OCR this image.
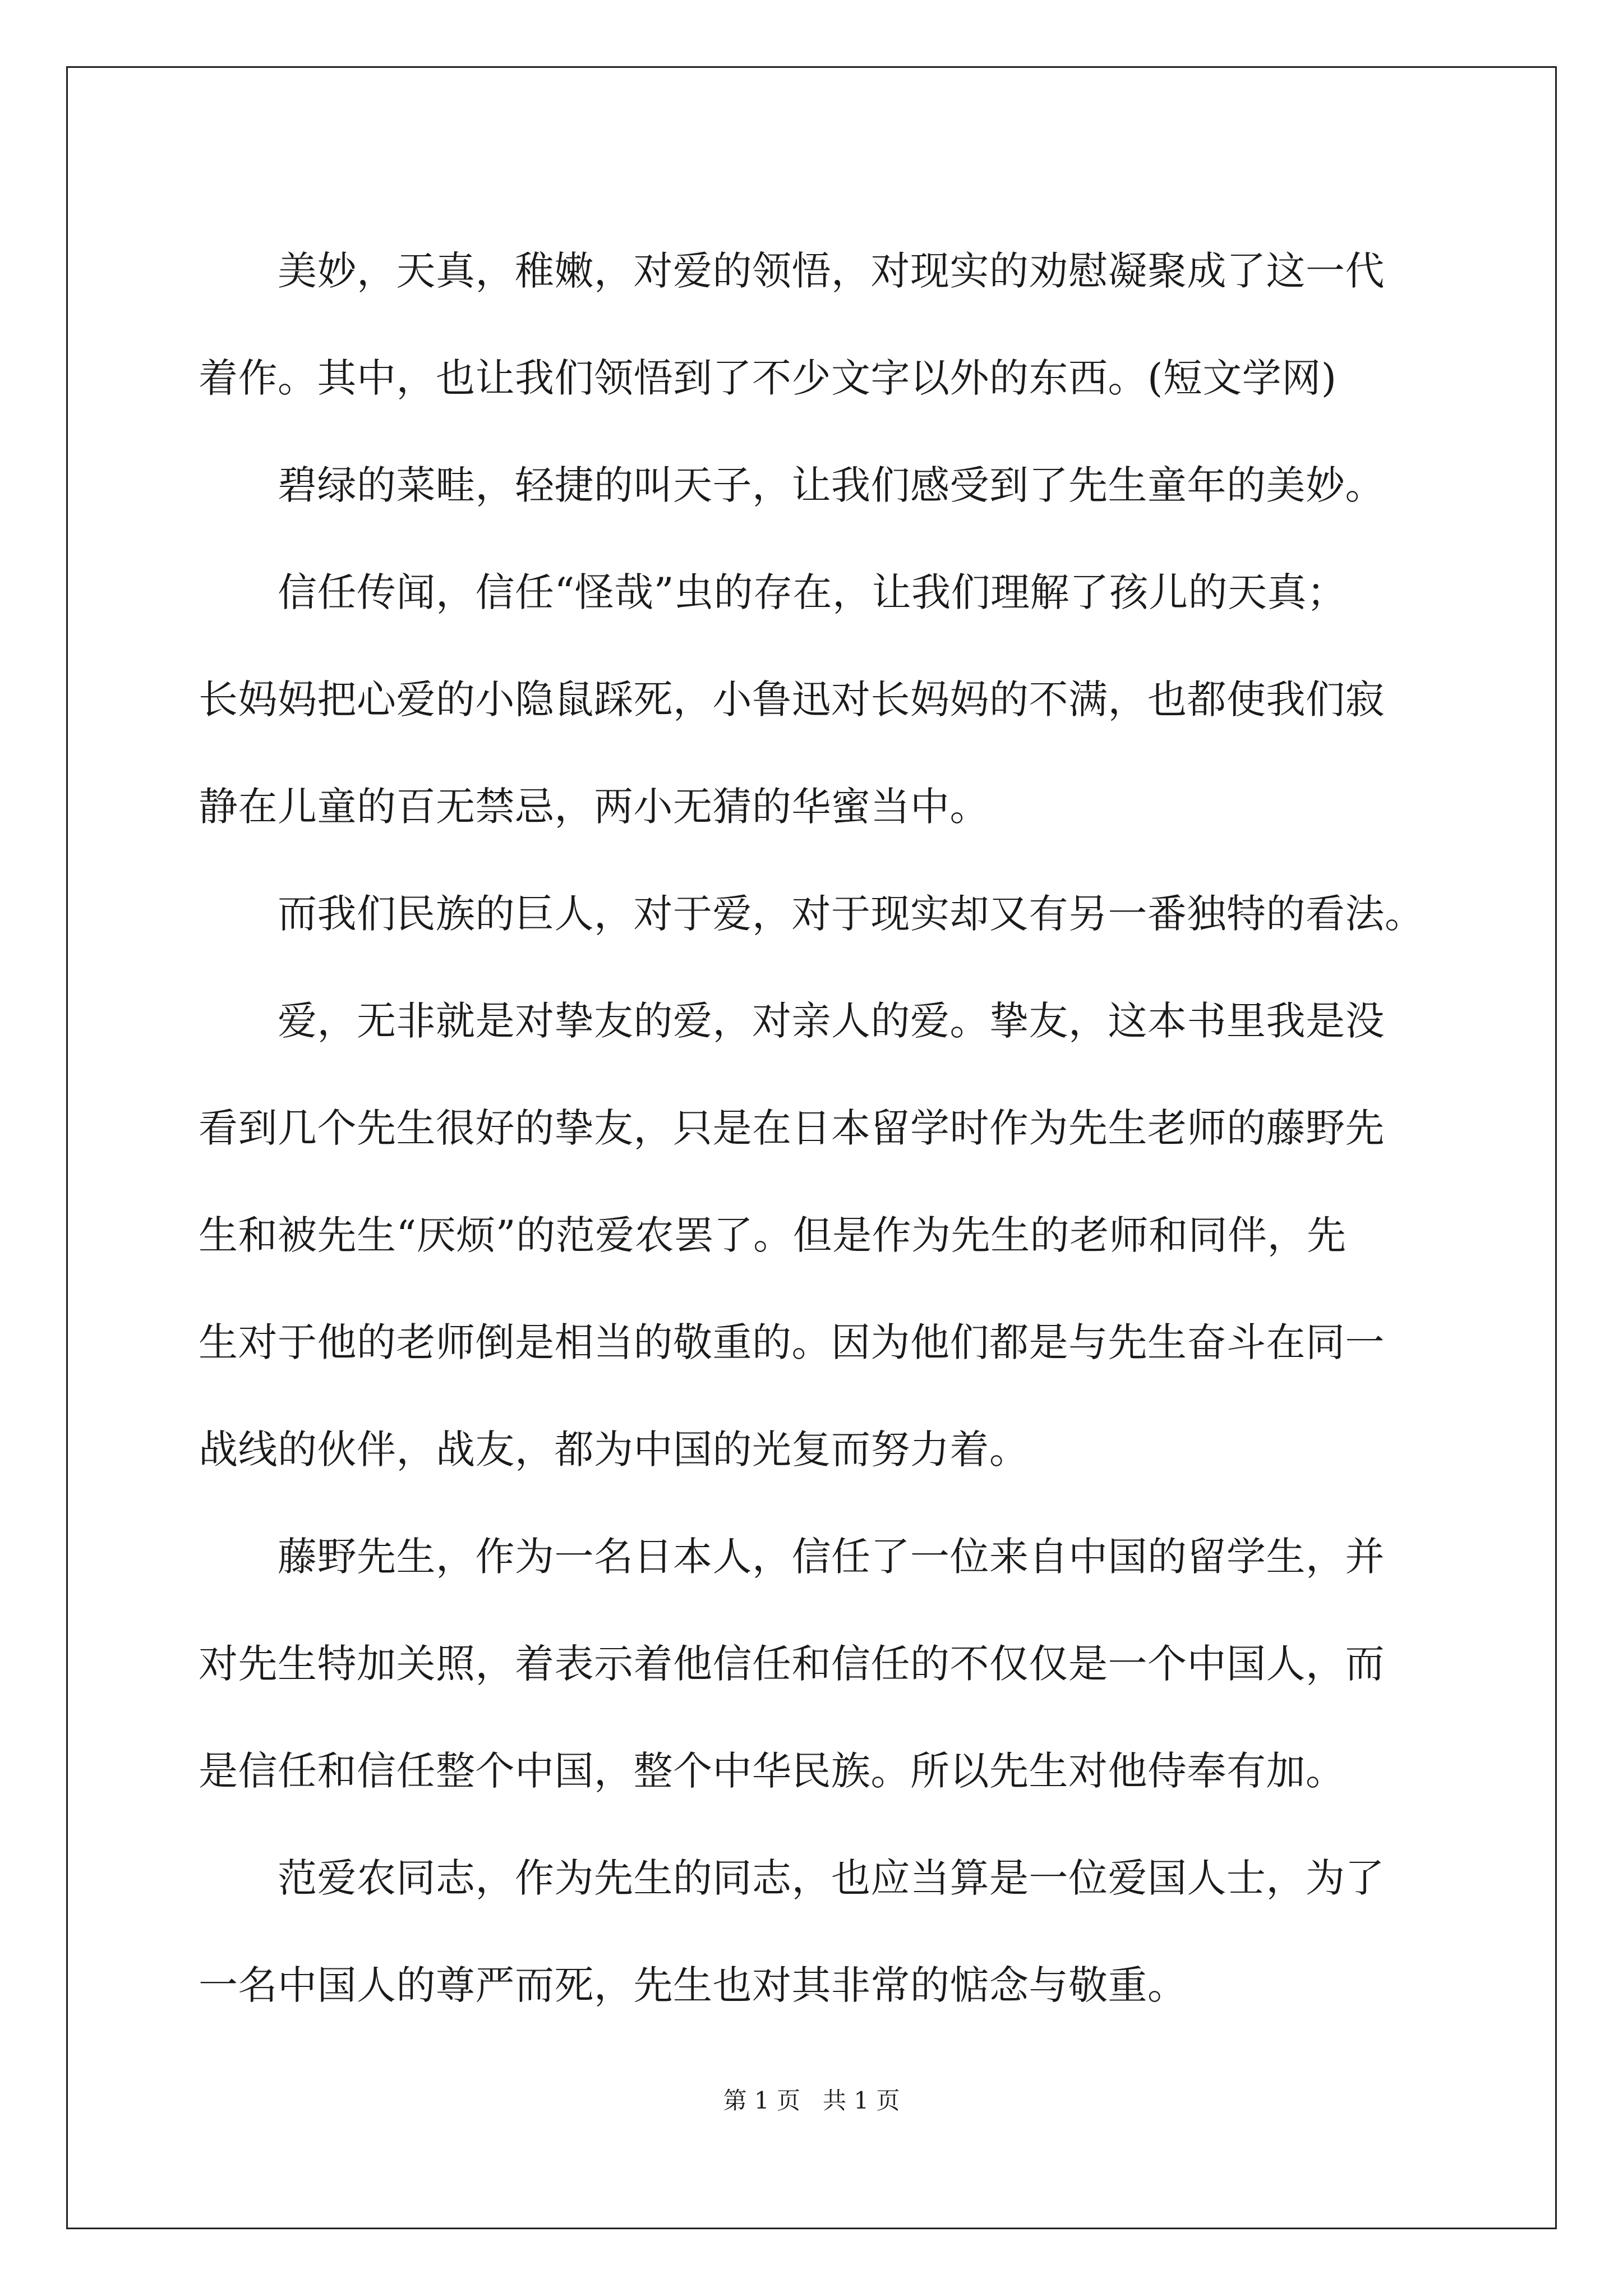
　　美妙，天真，稚嫩，对爱的领悟，对现实的劝慰凝聚成了这一代

着作。其中，也让我们领悟到了不少文字以外的东西。(短文学网)

　　碧绿的菜畦，轻捷的叫天子，让我们感受到了先生童年的美妙。

　　信任传闻，信任“怪哉”虫的存在，让我们理解了孩儿的天真；

长妈妈把心爱的小隐鼠踩死，小鲁迅对长妈妈的不满，也都使我们寂

静在儿童的百无禁忌，两小无猜的华蜜当中。

　　而我们民族的巨人，对于爱，对于现实却又有另一番独特的看法。

　　爱，无非就是对挚友的爱，对亲人的爱。挚友，这本书里我是没

看到几个先生很好的挚友，只是在日本留学时作为先生老师的藤野先

生和被先生“厌烦”的范爱农罢了。但是作为先生的老师和同伴，先

生对于他的老师倒是相当的敬重的。因为他们都是与先生奋斗在同一

战线的伙伴，战友，都为中国的光复而努力着。

　　藤野先生，作为一名日本人，信任了一位来自中国的留学生，并

对先生特加关照，着表示着他信任和信任的不仅仅是一个中国人，而

是信任和信任整个中国，整个中华民族。所以先生对他侍奉有加。

　　范爱农同志，作为先生的同志，也应当算是一位爱国人士，为了

一名中国人的尊严而死，先生也对其非常的惦念与敬重。

第 1 页 共 1 页
